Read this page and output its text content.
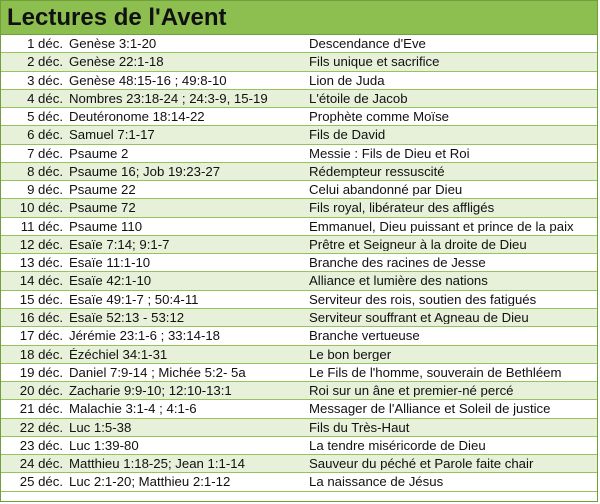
Lectures de l'Avent
1 déc. Genèse 3:1-20	Descendance d'Eve
2 déc. Genèse 22:1-18	Fils unique et sacrifice
3 déc. Genèse 48:15-16 ; 49:8-10	Lion de Juda
4 déc. Nombres 23:18-24 ; 24:3-9, 15-19	L'étoile de Jacob
5 déc. Deutéronome 18:14-22	Prophète comme Moïse
6 déc. Samuel 7:1-17	Fils de David
7 déc. Psaume 2	Messie : Fils de Dieu et Roi
8 déc. Psaume 16; Job 19:23-27	Rédempteur ressuscité
9 déc. Psaume 22	Celui abandonné par Dieu
10 déc. Psaume 72	Fils royal, libérateur des affligés
11 déc. Psaume 110	Emmanuel, Dieu puissant et prince de la paix
12 déc. Esaïe 7:14; 9:1-7	Prêtre et Seigneur à la droite de Dieu
13 déc. Esaïe 11:1-10	Branche des racines de Jesse
14 déc. Esaïe 42:1-10	Alliance et lumière des nations
15 déc. Esaïe 49:1-7 ; 50:4-11	Serviteur des rois, soutien des fatigués
16 déc. Esaïe 52:13 - 53:12	Serviteur souffrant et Agneau de Dieu
17 déc. Jérémie 23:1-6 ; 33:14-18	Branche vertueuse
18 déc. Ézéchiel 34:1-31	Le bon berger
19 déc. Daniel 7:9-14 ; Michée 5:2- 5a	Le Fils de l'homme, souverain de Bethléem
20 déc. Zacharie 9:9-10; 12:10-13:1	Roi sur un âne et premier-né percé
21 déc. Malachie 3:1-4 ; 4:1-6	Messager de l'Alliance et Soleil de justice
22 déc. Luc 1:5-38	Fils du Très-Haut
23 déc. Luc 1:39-80	La tendre miséricorde de Dieu
24 déc. Matthieu 1:18-25; Jean 1:1-14	Sauveur du péché et Parole faite chair
25 déc. Luc 2:1-20; Matthieu 2:1-12	La naissance de Jésus
